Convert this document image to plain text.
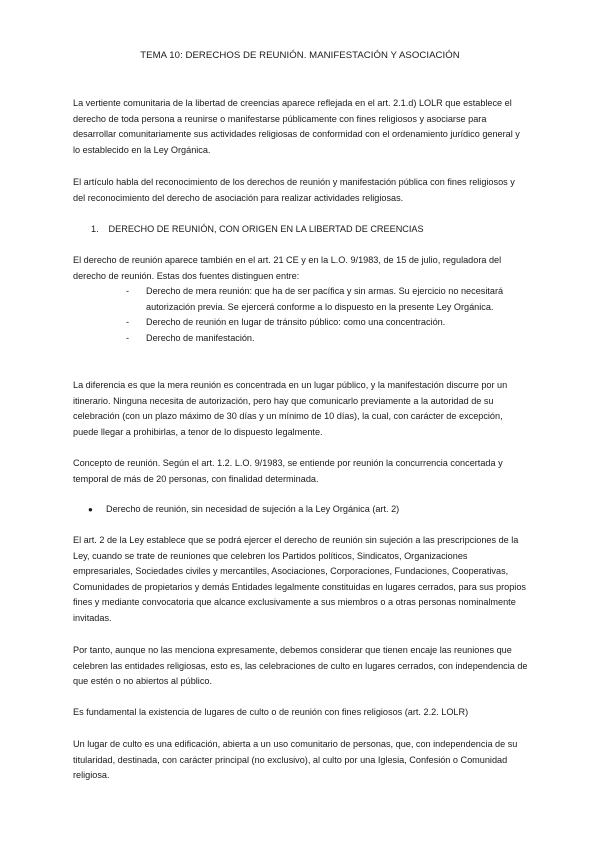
TEMA 10: DERECHOS DE REUNIÓN. MANIFESTACIÓN Y ASOCIACIÓN

La vertiente comunitaria de la libertad de creencias aparece reflejada en el art. 2.1.d) LOLR que establece el derecho de toda persona a reunirse o manifestarse públicamente con fines religiosos y asociarse para desarrollar comunitariamente sus actividades religiosas de conformidad con el ordenamiento jurídico general y lo establecido en la Ley Orgánica.

El artículo habla del reconocimiento de los derechos de reunión y manifestación pública con fines religiosos y del reconocimiento del derecho de asociación para realizar actividades religiosas.

1. DERECHO DE REUNIÓN, CON ORIGEN EN LA LIBERTAD DE CREENCIAS

El derecho de reunión aparece también en el art. 21 CE y en la L.O. 9/1983, de 15 de julio, reguladora del derecho de reunión. Estas dos fuentes distinguen entre:

- Derecho de mera reunión: que ha de ser pacífica y sin armas. Su ejercicio no necesitará autorización previa. Se ejercerá conforme a lo dispuesto en la presente Ley Orgánica.
- Derecho de reunión en lugar de tránsito público: como una concentración.
- Derecho de manifestación.

La diferencia es que la mera reunión es concentrada en un lugar público, y la manifestación discurre por un itinerario. Ninguna necesita de autorización, pero hay que comunicarlo previamente a la autoridad de su celebración (con un plazo máximo de 30 días y un mínimo de 10 días), la cual, con carácter de excepción, puede llegar a prohibirlas, a tenor de lo dispuesto legalmente.

Concepto de reunión. Según el art. 1.2. L.O. 9/1983, se entiende por reunión la concurrencia concertada y temporal de más de 20 personas, con finalidad determinada.

● Derecho de reunión, sin necesidad de sujeción a la Ley Orgánica (art. 2)

El art. 2 de la Ley establece que se podrá ejercer el derecho de reunión sin sujeción a las prescripciones de la Ley, cuando se trate de reuniones que celebren los Partidos políticos, Sindicatos, Organizaciones empresariales, Sociedades civiles y mercantiles, Asociaciones, Corporaciones, Fundaciones, Cooperativas, Comunidades de propietarios y demás Entidades legalmente constituidas en lugares cerrados, para sus propios fines y mediante convocatoria que alcance exclusivamente a sus miembros o a otras personas nominalmente invitadas.

Por tanto, aunque no las menciona expresamente, debemos considerar que tienen encaje las reuniones que celebren las entidades religiosas, esto es, las celebraciones de culto en lugares cerrados, con independencia de que estén o no abiertos al público.

Es fundamental la existencia de lugares de culto o de reunión con fines religiosos (art. 2.2. LOLR)

Un lugar de culto es una edificación, abierta a un uso comunitario de personas, que, con independencia de su titularidad, destinada, con carácter principal (no exclusivo), al culto por una Iglesia, Confesión o Comunidad religiosa.
